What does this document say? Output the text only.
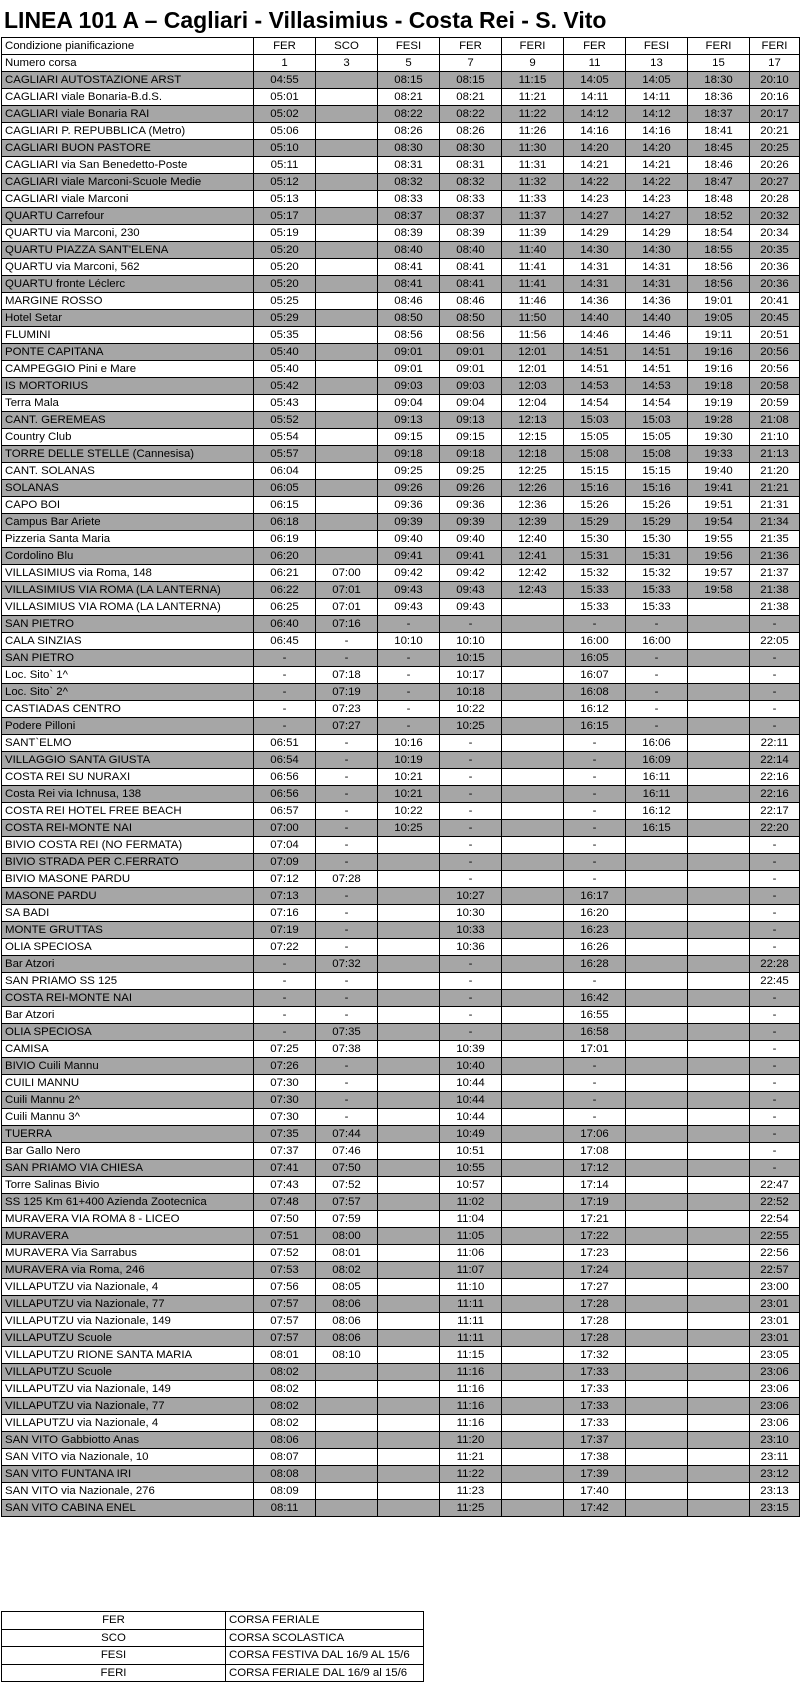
LINEA 101 A – Cagliari - Villasimius - Costa Rei - S. Vito
Condizione pianificazione	FER	SCO	FESI	FER	FERI	FER	FESI	FERI	FERI
Numero corsa	1	3	5	7	9	11	13	15	17
CAGLIARI AUTOSTAZIONE ARST	04:55		08:15	08:15	11:15	14:05	14:05	18:30	20:10
CAGLIARI viale Bonaria-B.d.S.	05:01		08:21	08:21	11:21	14:11	14:11	18:36	20:16
CAGLIARI viale Bonaria RAI	05:02		08:22	08:22	11:22	14:12	14:12	18:37	20:17
CAGLIARI P. REPUBBLICA (Metro)	05:06		08:26	08:26	11:26	14:16	14:16	18:41	20:21
CAGLIARI BUON PASTORE	05:10		08:30	08:30	11:30	14:20	14:20	18:45	20:25
CAGLIARI via San Benedetto-Poste	05:11		08:31	08:31	11:31	14:21	14:21	18:46	20:26
CAGLIARI viale Marconi-Scuole Medie	05:12		08:32	08:32	11:32	14:22	14:22	18:47	20:27
CAGLIARI viale Marconi	05:13		08:33	08:33	11:33	14:23	14:23	18:48	20:28
QUARTU Carrefour	05:17		08:37	08:37	11:37	14:27	14:27	18:52	20:32
QUARTU via Marconi, 230	05:19		08:39	08:39	11:39	14:29	14:29	18:54	20:34
QUARTU PIAZZA SANT'ELENA	05:20		08:40	08:40	11:40	14:30	14:30	18:55	20:35
QUARTU via Marconi, 562	05:20		08:41	08:41	11:41	14:31	14:31	18:56	20:36
QUARTU fronte Léclerc	05:20		08:41	08:41	11:41	14:31	14:31	18:56	20:36
MARGINE ROSSO	05:25		08:46	08:46	11:46	14:36	14:36	19:01	20:41
Hotel Setar	05:29		08:50	08:50	11:50	14:40	14:40	19:05	20:45
FLUMINI	05:35		08:56	08:56	11:56	14:46	14:46	19:11	20:51
PONTE CAPITANA	05:40		09:01	09:01	12:01	14:51	14:51	19:16	20:56
CAMPEGGIO Pini e Mare	05:40		09:01	09:01	12:01	14:51	14:51	19:16	20:56
IS MORTORIUS	05:42		09:03	09:03	12:03	14:53	14:53	19:18	20:58
Terra Mala	05:43		09:04	09:04	12:04	14:54	14:54	19:19	20:59
CANT. GEREMEAS	05:52		09:13	09:13	12:13	15:03	15:03	19:28	21:08
Country Club	05:54		09:15	09:15	12:15	15:05	15:05	19:30	21:10
TORRE DELLE STELLE (Cannesisa)	05:57		09:18	09:18	12:18	15:08	15:08	19:33	21:13
CANT. SOLANAS	06:04		09:25	09:25	12:25	15:15	15:15	19:40	21:20
SOLANAS	06:05		09:26	09:26	12:26	15:16	15:16	19:41	21:21
CAPO BOI	06:15		09:36	09:36	12:36	15:26	15:26	19:51	21:31
Campus Bar Ariete	06:18		09:39	09:39	12:39	15:29	15:29	19:54	21:34
Pizzeria Santa Maria	06:19		09:40	09:40	12:40	15:30	15:30	19:55	21:35
Cordolino Blu	06:20		09:41	09:41	12:41	15:31	15:31	19:56	21:36
VILLASIMIUS via Roma, 148	06:21	07:00	09:42	09:42	12:42	15:32	15:32	19:57	21:37
VILLASIMIUS VIA ROMA (LA LANTERNA)	06:22	07:01	09:43	09:43	12:43	15:33	15:33	19:58	21:38
VILLASIMIUS VIA ROMA (LA LANTERNA)	06:25	07:01	09:43	09:43		15:33	15:33		21:38
SAN PIETRO	06:40	07:16	-	-		-	-		-
CALA SINZIAS	06:45	-	10:10	10:10		16:00	16:00		22:05
SAN PIETRO	-	-	-	10:15		16:05	-		-
Loc. Sito` 1^	-	07:18	-	10:17		16:07	-		-
Loc. Sito` 2^	-	07:19	-	10:18		16:08	-		-
CASTIADAS CENTRO	-	07:23	-	10:22		16:12	-		-
Podere Pilloni	-	07:27	-	10:25		16:15	-		-
SANT`ELMO	06:51	-	10:16	-		-	16:06		22:11
VILLAGGIO SANTA GIUSTA	06:54	-	10:19	-		-	16:09		22:14
COSTA REI SU NURAXI	06:56	-	10:21	-		-	16:11		22:16
Costa Rei via Ichnusa, 138	06:56	-	10:21	-		-	16:11		22:16
COSTA REI HOTEL FREE BEACH	06:57	-	10:22	-		-	16:12		22:17
COSTA REI-MONTE NAI	07:00	-	10:25	-		-	16:15		22:20
BIVIO COSTA REI (NO FERMATA)	07:04	-		-		-			-
BIVIO STRADA PER C.FERRATO	07:09	-		-		-			-
BIVIO MASONE PARDU	07:12	07:28		-		-			-
MASONE PARDU	07:13	-		10:27		16:17			-
SA BADI	07:16	-		10:30		16:20			-
MONTE GRUTTAS	07:19	-		10:33		16:23			-
OLIA SPECIOSA	07:22	-		10:36		16:26			-
Bar Atzori	-	07:32		-		16:28			22:28
SAN PRIAMO SS 125	-	-		-		-			22:45
COSTA REI-MONTE NAI	-	-		-		16:42			-
Bar Atzori	-	-		-		16:55			-
OLIA SPECIOSA	-	07:35		-		16:58			-
CAMISA	07:25	07:38		10:39		17:01			-
BIVIO Cuili Mannu	07:26	-		10:40		-			-
CUILI MANNU	07:30	-		10:44		-			-
Cuili Mannu 2^	07:30	-		10:44		-			-
Cuili Mannu 3^	07:30	-		10:44		-			-
TUERRA	07:35	07:44		10:49		17:06			-
Bar Gallo Nero	07:37	07:46		10:51		17:08			-
SAN PRIAMO VIA CHIESA	07:41	07:50		10:55		17:12			-
Torre Salinas Bivio	07:43	07:52		10:57		17:14			22:47
SS 125 Km 61+400 Azienda Zootecnica	07:48	07:57		11:02		17:19			22:52
MURAVERA VIA ROMA 8 - LICEO	07:50	07:59		11:04		17:21			22:54
MURAVERA	07:51	08:00		11:05		17:22			22:55
MURAVERA Via Sarrabus	07:52	08:01		11:06		17:23			22:56
MURAVERA via Roma, 246	07:53	08:02		11:07		17:24			22:57
VILLAPUTZU via Nazionale, 4	07:56	08:05		11:10		17:27			23:00
VILLAPUTZU via Nazionale, 77	07:57	08:06		11:11		17:28			23:01
VILLAPUTZU via Nazionale, 149	07:57	08:06		11:11		17:28			23:01
VILLAPUTZU Scuole	07:57	08:06		11:11		17:28			23:01
VILLAPUTZU RIONE SANTA MARIA	08:01	08:10		11:15		17:32			23:05
VILLAPUTZU Scuole	08:02			11:16		17:33			23:06
VILLAPUTZU via Nazionale, 149	08:02			11:16		17:33			23:06
VILLAPUTZU via Nazionale, 77	08:02			11:16		17:33			23:06
VILLAPUTZU via Nazionale, 4	08:02			11:16		17:33			23:06
SAN VITO Gabbiotto Anas	08:06			11:20		17:37			23:10
SAN VITO via Nazionale, 10	08:07			11:21		17:38			23:11
SAN VITO FUNTANA IRI	08:08			11:22		17:39			23:12
SAN VITO via Nazionale, 276	08:09			11:23		17:40			23:13
SAN VITO CABINA ENEL	08:11			11:25		17:42			23:15
FER	CORSA FERIALE
SCO	CORSA SCOLASTICA
FESI	CORSA FESTIVA DAL 16/9 AL 15/6
FERI	CORSA FERIALE DAL 16/9 al 15/6
